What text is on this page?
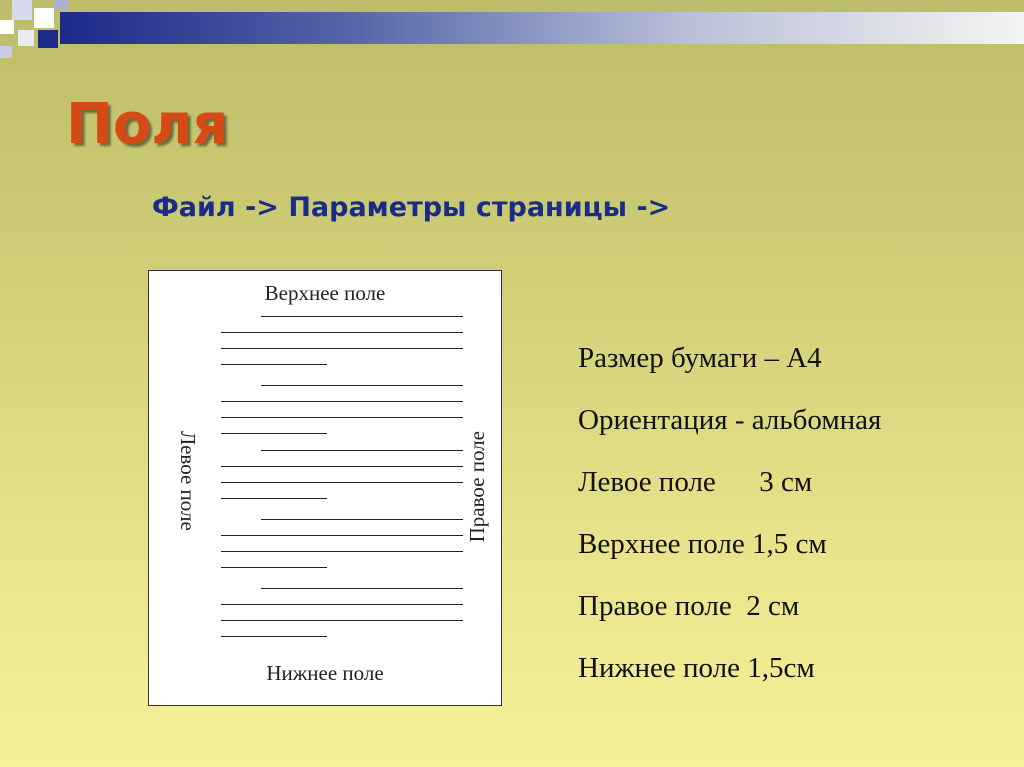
Поля

Файл -> Параметры страницы ->

Верхнее поле
Левое поле	Правое поле
Нижнее поле
Размер бумаги – А4
Ориентация - альбомная
Левое поле      3 см
Верхнее поле 1,5 см
Правое поле  2 см
Нижнее поле 1,5см
